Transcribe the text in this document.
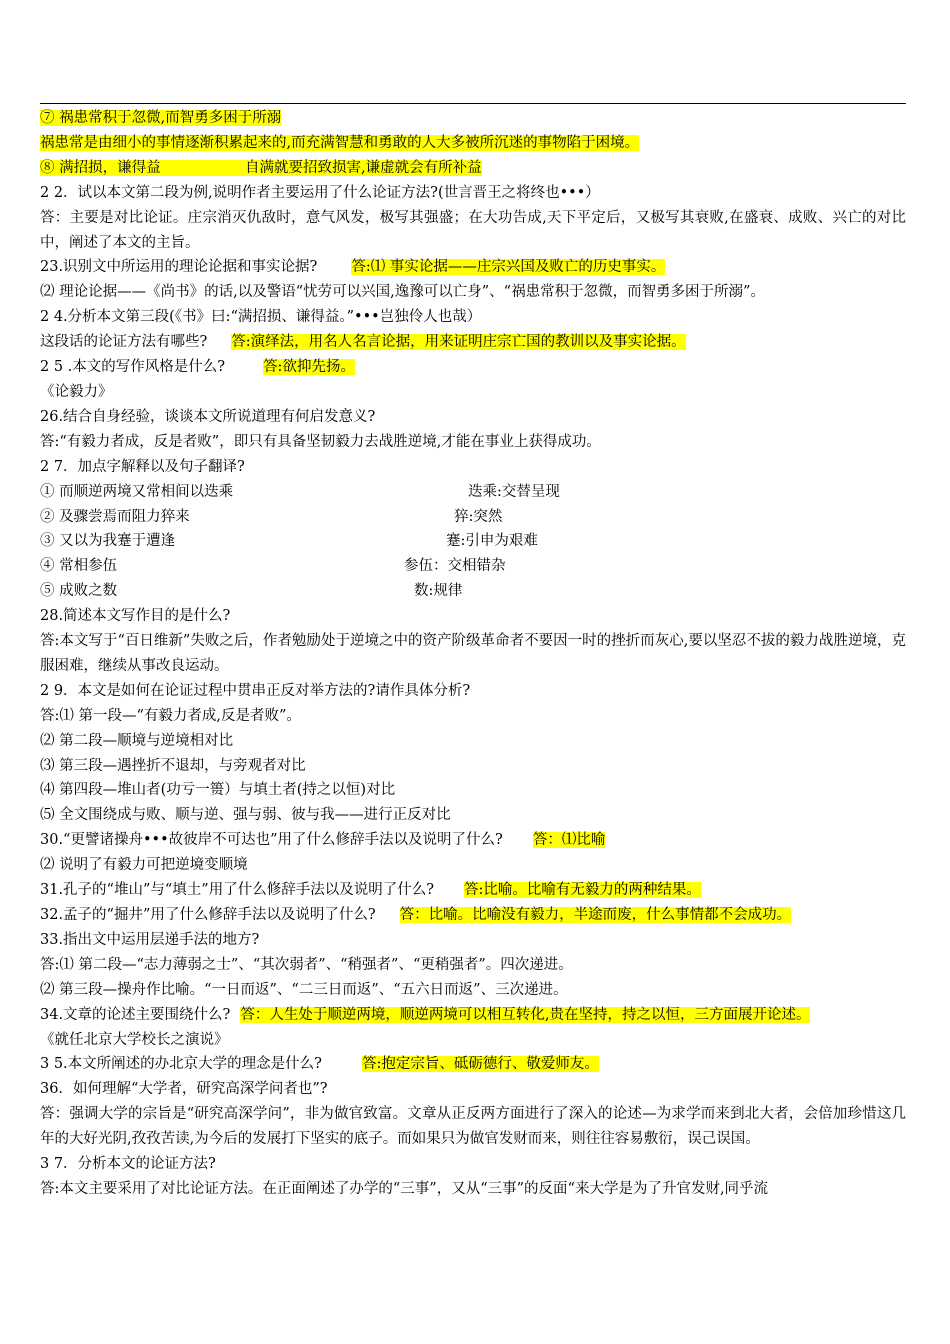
⑦ 祸患常积于忽微,而智勇多困于所溺
祸患常是由细小的事情逐渐积累起来的,而充满智慧和勇敢的人大多被所沉迷的事物陷于困境。
⑧ 满招损，谦得益	自满就要招致损害,谦虚就会有所补益
2 2．试以本文第二段为例,说明作者主要运用了什么论证方法?(世言晋王之将终也•••）
答：主要是对比论证。庄宗消灭仇敌时，意气风发，极写其强盛；在大功告成,天下平定后，又极写其衰败,在盛衰、成败、兴亡的对比中，阐述了本文的主旨。
23.识别文中所运用的理论论据和事实论据? 答:⑴ 事实论据——庄宗兴国及败亡的历史事实。
⑵ 理论论据——《尚书》的话,以及警语“忧劳可以兴国,逸豫可以亡身”、“祸患常积于忽微，而智勇多困于所溺”。
2 4.分析本文第三段(《书》曰:“满招损、谦得益。”•••岂独伶人也哉）
这段话的论证方法有哪些? 答:演绎法，用名人名言论据，用来证明庄宗亡国的教训以及事实论据。
2 5 .本文的写作风格是什么?	答:欲抑先扬。
《论毅力》
26.结合自身经验，谈谈本文所说道理有何启发意义?
答:“有毅力者成，反是者败”，即只有具备坚韧毅力去战胜逆境,才能在事业上获得成功。
2 7．加点字解释以及句子翻译?
① 而顺逆两境又常相间以迭乘	迭乘:交替呈现
② 及骤尝焉而阻力猝来	猝:突然
③ 又以为我蹇于遭逢	蹇:引申为艰难
④ 常相参伍	参伍：交相错杂
⑤ 成败之数	数:规律
28.简述本文写作目的是什么?
答:本文写于“百日维新”失败之后，作者勉励处于逆境之中的资产阶级革命者不要因一时的挫折而灰心,要以坚忍不拔的毅力战胜逆境，克服困难，继续从事改良运动。
2 9．本文是如何在论证过程中贯串正反对举方法的?请作具体分析?
答:⑴ 第一段—“有毅力者成,反是者败”。
⑵ 第二段—顺境与逆境相对比
⑶ 第三段—遇挫折不退却，与旁观者对比
⑷ 第四段—堆山者(功亏一篑）与填土者(持之以恒)对比
⑸ 全文围绕成与败、顺与逆、强与弱、彼与我——进行正反对比
30.“更譬诸操舟•••故彼岸不可达也”用了什么修辞手法以及说明了什么? 答：⑴比喻
⑵ 说明了有毅力可把逆境变顺境
31.孔子的“堆山”与“填土”用了什么修辞手法以及说明了什么? 答:比喻。比喻有无毅力的两种结果。
32.孟子的“掘井”用了什么修辞手法以及说明了什么? 答：比喻。比喻没有毅力，半途而废，什么事情都不会成功。
33.指出文中运用层递手法的地方?
答:⑴ 第二段—“志力薄弱之士”、“其次弱者”、“稍强者”、“更稍强者”。四次递进。
⑵ 第三段—操舟作比喻。“一日而返”、“二三日而返”、“五六日而返”、三次递进。
34.文章的论述主要围绕什么? 答：人生处于顺逆两境，顺逆两境可以相互转化,贵在坚持，持之以恒，三方面展开论述。
《就任北京大学校长之演说》
3 5.本文所阐述的办北京大学的理念是什么?	答:抱定宗旨、砥砺德行、敬爱师友。
36．如何理解“大学者，研究高深学问者也”?
答：强调大学的宗旨是“研究高深学问”，非为做官致富。文章从正反两方面进行了深入的论述—为求学而来到北大者，会倍加珍惜这几年的大好光阴,孜孜苦读,为今后的发展打下坚实的底子。而如果只为做官发财而来，则往往容易敷衍，误己误国。
3 7．分析本文的论证方法?
答:本文主要采用了对比论证方法。在正面阐述了办学的“三事”，又从“三事”的反面“来大学是为了升官发财,同乎流
